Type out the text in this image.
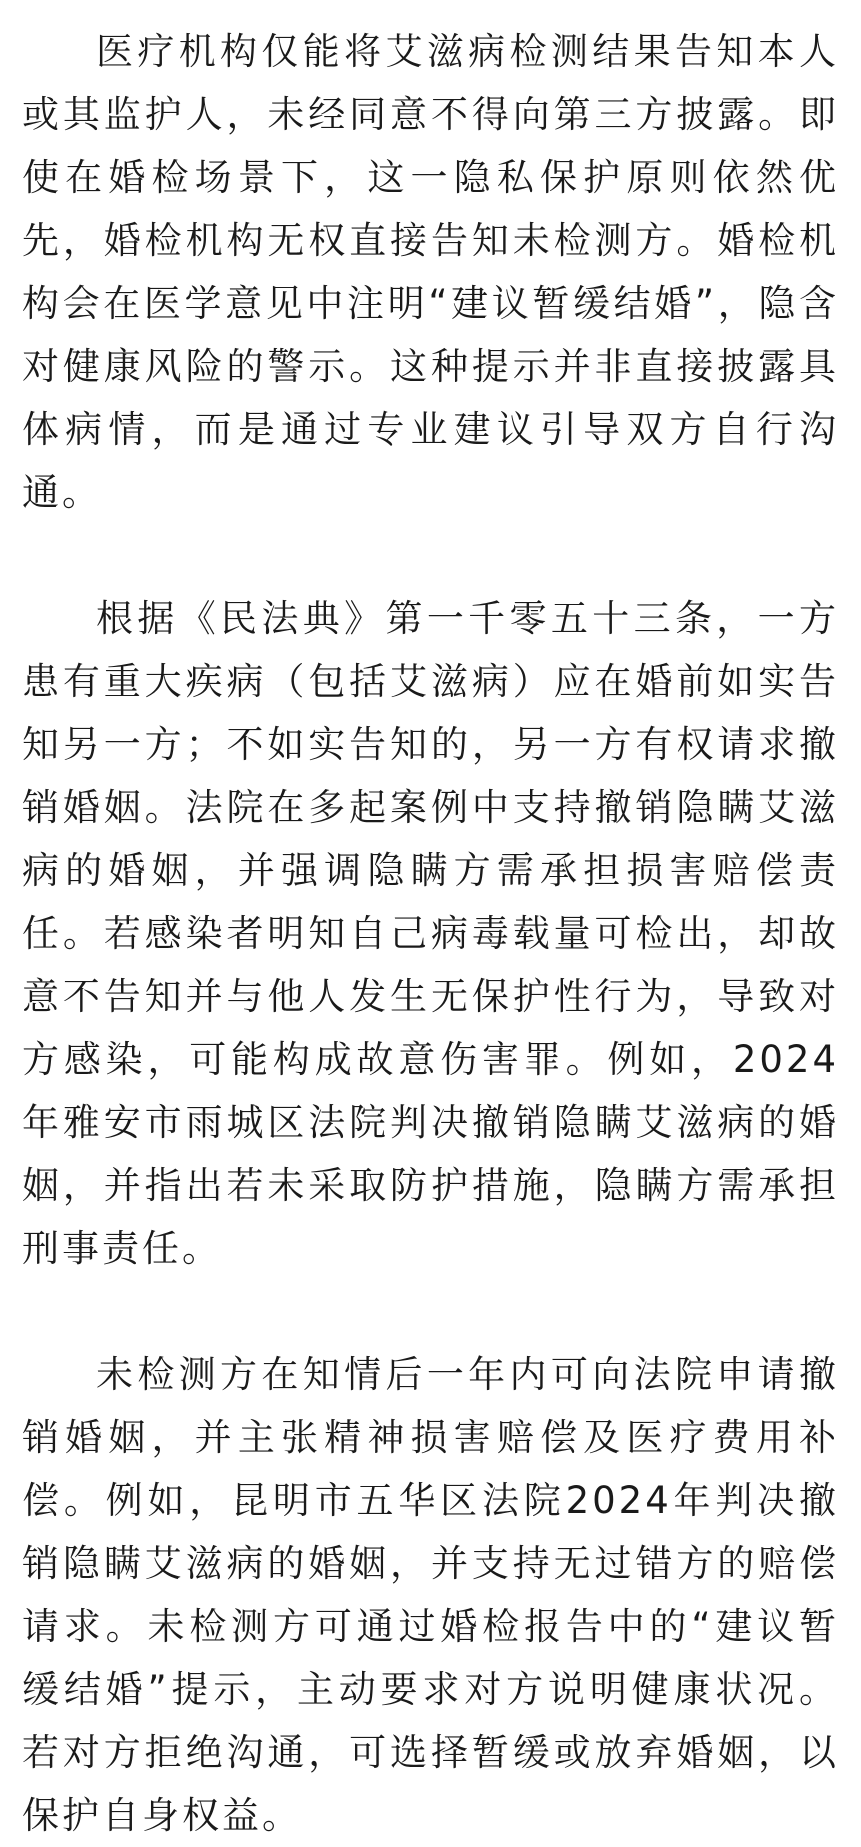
医疗机构仅能将艾滋病检测结果告知本人或其监护人，未经同意不得向第三方披露。即使在婚检场景下，这一隐私保护原则依然优先，婚检机构无权直接告知未检测方。婚检机构会在医学意见中注明“建议暂缓结婚”，隐含对健康风险的警示。这种提示并非直接披露具体病情，而是通过专业建议引导双方自行沟通。

根据《民法典》第一千零五十三条，一方患有重大疾病（包括艾滋病）应在婚前如实告知另一方；不如实告知的，另一方有权请求撤销婚姻。法院在多起案例中支持撤销隐瞒艾滋病的婚姻，并强调隐瞒方需承担损害赔偿责任。若感染者明知自己病毒载量可检出，却故意不告知并与他人发生无保护性行为，导致对方感染，可能构成故意伤害罪。例如，2024年雅安市雨城区法院判决撤销隐瞒艾滋病的婚姻，并指出若未采取防护措施，隐瞒方需承担刑事责任。

未检测方在知情后一年内可向法院申请撤销婚姻，并主张精神损害赔偿及医疗费用补偿。例如，昆明市五华区法院2024年判决撤销隐瞒艾滋病的婚姻，并支持无过错方的赔偿请求。未检测方可通过婚检报告中的“建议暂缓结婚”提示，主动要求对方说明健康状况。若对方拒绝沟通，可选择暂缓或放弃婚姻，以保护自身权益。
